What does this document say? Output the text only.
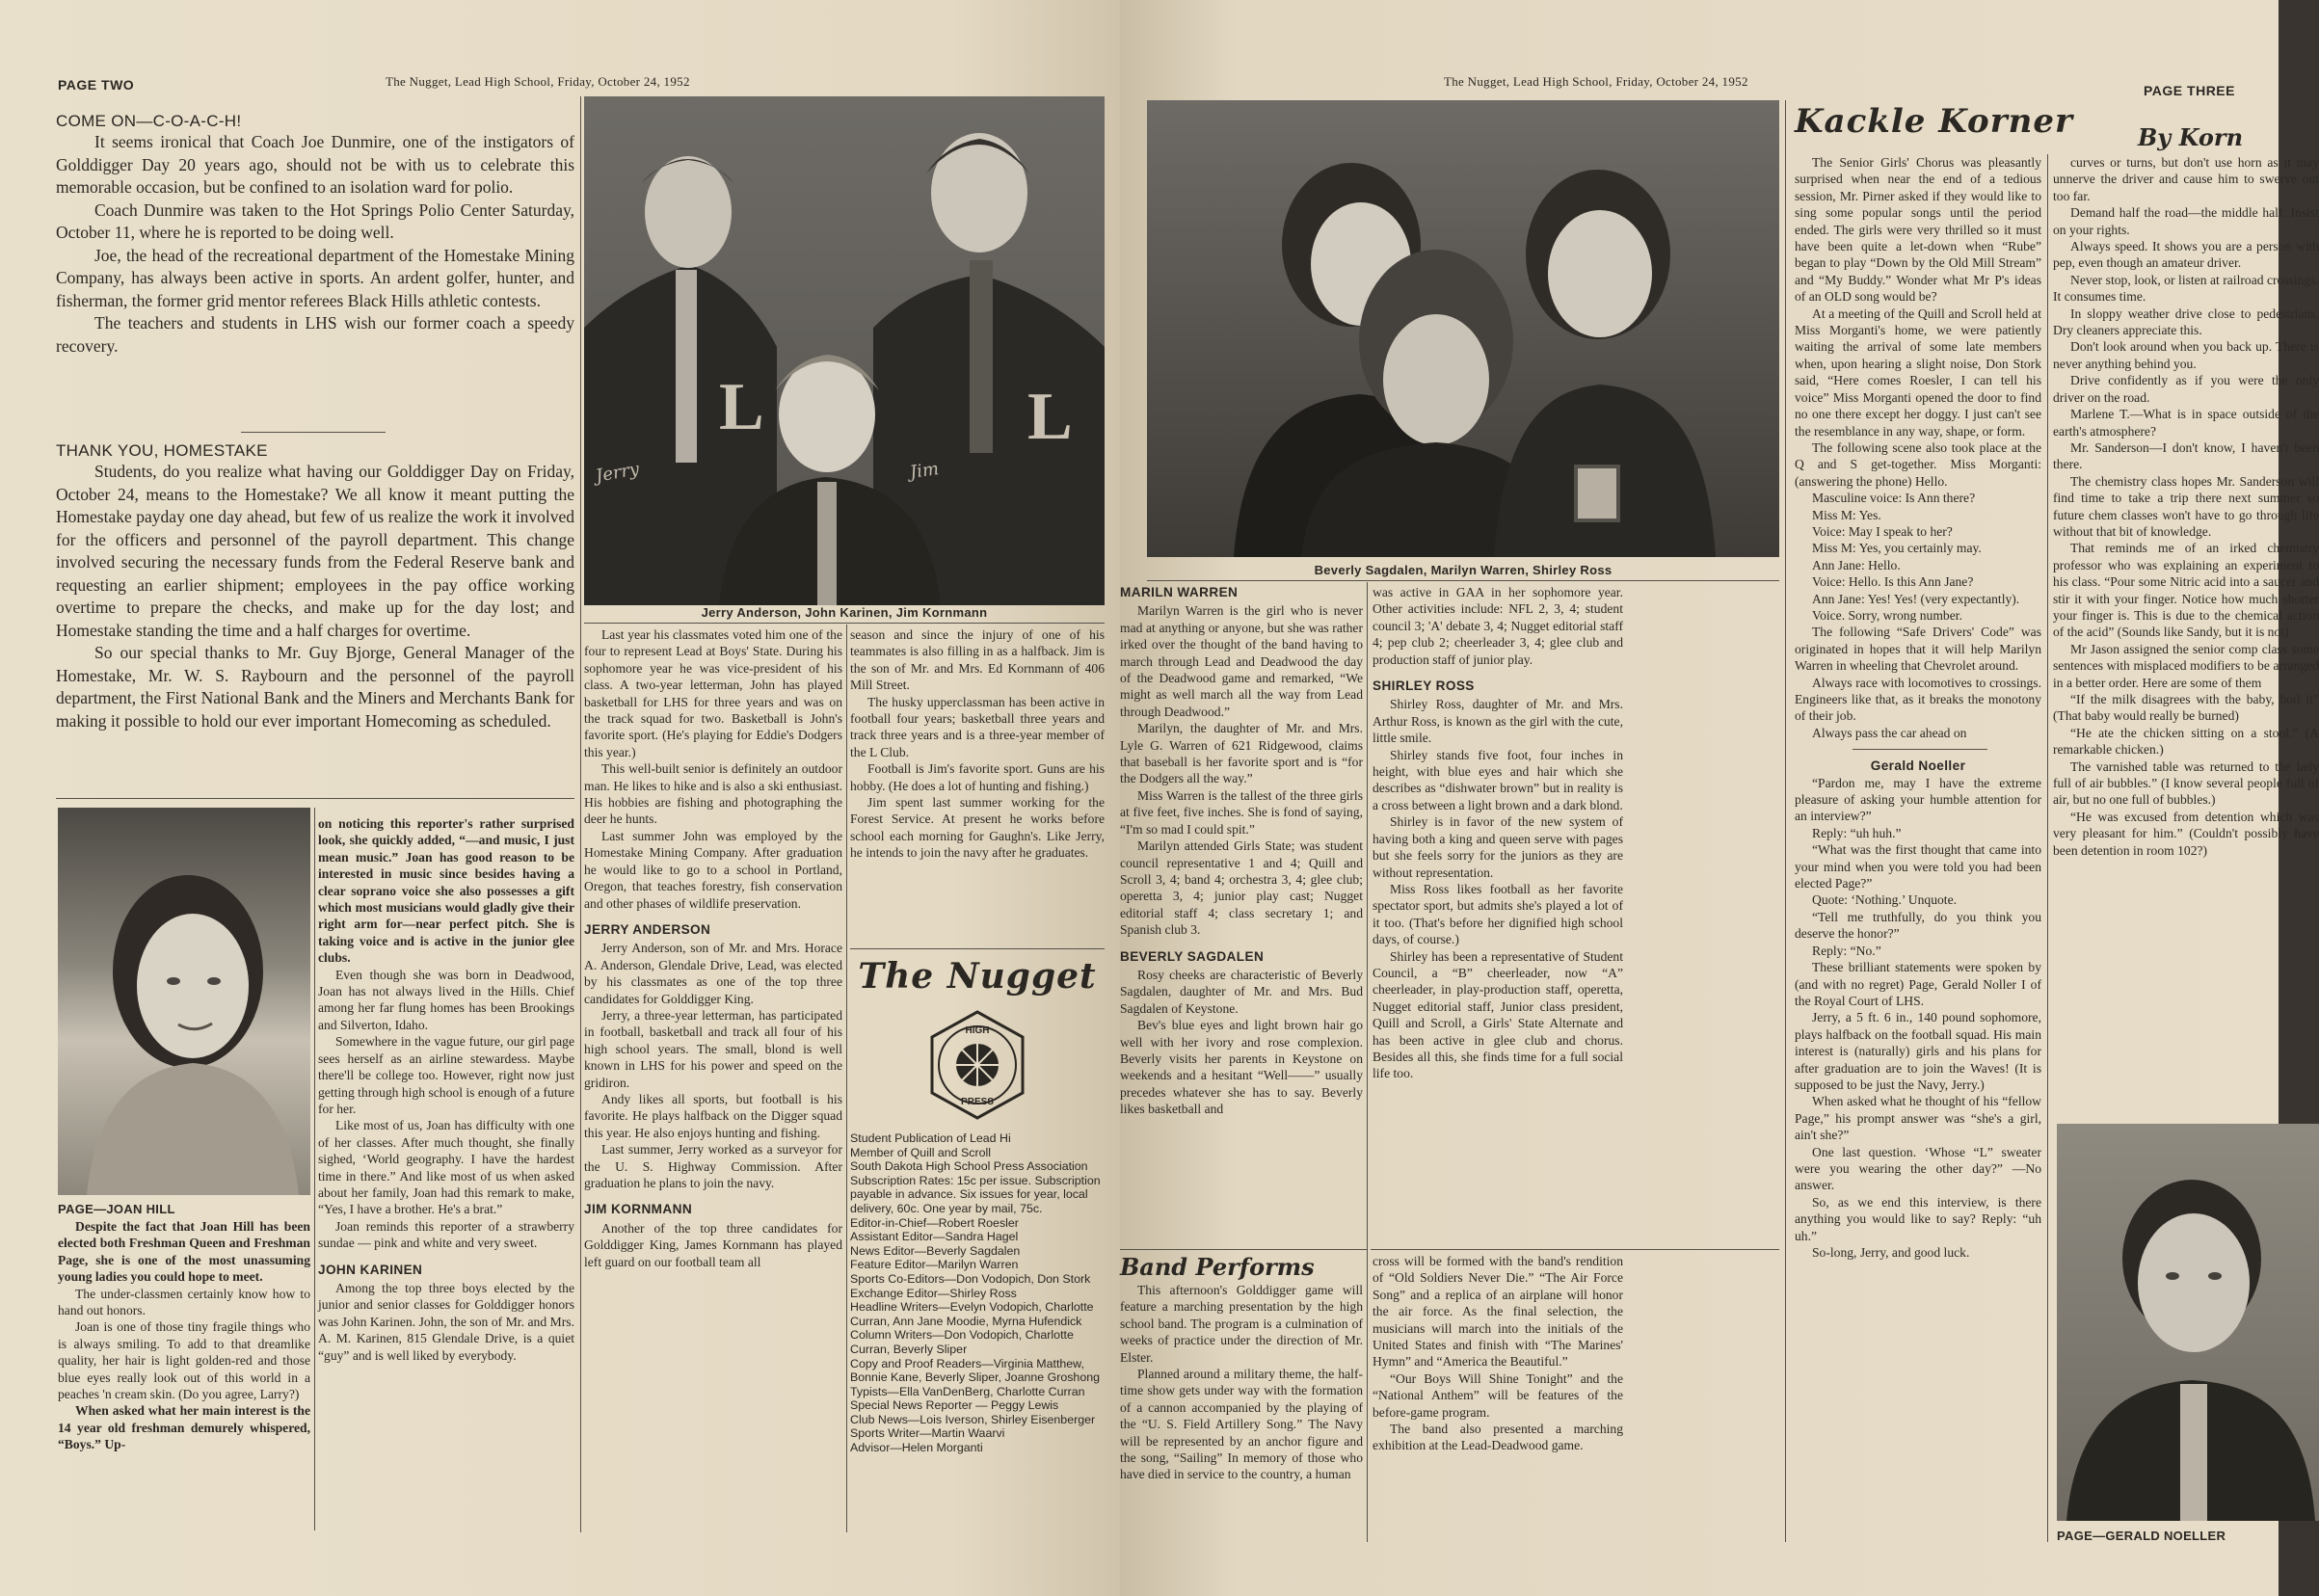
PAGE TWO	The Nugget, Lead High School, Friday, October 24, 1952
COME ON—C-O-A-C-H!

It seems ironical that Coach Joe Dunmire, one of the instigators of Golddigger Day 20 years ago, should not be with us to celebrate this memorable occasion, but be confined to an isolation ward for polio.

Coach Dunmire was taken to the Hot Springs Polio Center Saturday, October 11, where he is reported to be doing well.

Joe, the head of the recreational department of the Homestake Mining Company, has always been active in sports. An ardent golfer, hunter, and fisherman, the former grid mentor referees Black Hills athletic contests.

The teachers and students in LHS wish our former coach a speedy recovery.

THANK YOU, HOMESTAKE

Students, do you realize what having our Golddigger Day on Friday, October 24, means to the Homestake? We all know it meant putting the Homestake payday one day ahead, but few of us realize the work it involved for the officers and personnel of the payroll department. This change involved securing the necessary funds from the Federal Reserve bank and requesting an earlier shipment; employees in the pay office working overtime to prepare the checks, and make up for the day lost; and Homestake standing the time and a half charges for overtime.

So our special thanks to Mr. Guy Bjorge, General Manager of the Homestake, Mr. W. S. Raybourn and the personnel of the payroll department, the First National Bank and the Miners and Merchants Bank for making it possible to hold our ever important Homecoming as scheduled.

PAGE—JOAN HILL

Despite the fact that Joan Hill has been elected both Freshman Queen and Freshman Page, she is one of the most unassuming young ladies you could hope to meet.

The under-classmen certainly know how to hand out honors.

Joan is one of those tiny fragile things who is always smiling. To add to that dreamlike quality, her hair is light golden-red and those blue eyes really look out of this world in a peaches 'n cream skin. (Do you agree, Larry?)

When asked what her main interest is the 14 year old freshman demurely whispered, “Boys.” Up-

on noticing this reporter's rather surprised look, she quickly added, “—and music, I just mean music.” Joan has good reason to be interested in music since besides having a clear soprano voice she also possesses a gift which most musicians would gladly give their right arm for—near perfect pitch. She is taking voice and is active in the junior glee clubs.

Even though she was born in Deadwood, Joan has not always lived in the Hills. Chief among her far flung homes has been Brookings and Silverton, Idaho.

Somewhere in the vague future, our girl page sees herself as an airline stewardess. Maybe there'll be college too. However, right now just getting through high school is enough of a future for her.

Like most of us, Joan has difficulty with one of her classes. After much thought, she finally sighed, ‘World geography. I have the hardest time in there.” And like most of us when asked about her family, Joan had this remark to make, “Yes, I have a brother. He's a brat.”

Joan reminds this reporter of a strawberry sundae — pink and white and very sweet.

JOHN KARINEN

Among the top three boys elected by the junior and senior classes for Golddigger honors was John Karinen. John, the son of Mr. and Mrs. A. M. Karinen, 815 Glendale Drive, is a quiet “guy” and is well liked by everybody.

L	L
Jerry	Jim
Jerry Anderson, John Karinen, Jim Kornmann

Last year his classmates voted him one of the four to represent Lead at Boys' State. During his sophomore year he was vice-president of his class. A two-year letterman, John has played basketball for LHS for three years and was on the track squad for two. Basketball is John's favorite sport. (He's playing for Eddie's Dodgers this year.)

This well-built senior is definitely an outdoor man. He likes to hike and is also a ski enthusiast. His hobbies are fishing and photographing the deer he hunts.

Last summer John was employed by the Homestake Mining Company. After graduation he would like to go to a school in Portland, Oregon, that teaches forestry, fish conservation and other phases of wildlife preservation.

JERRY ANDERSON

Jerry Anderson, son of Mr. and Mrs. Horace A. Anderson, Glendale Drive, Lead, was elected by his classmates as one of the top three candidates for Golddigger King.

Jerry, a three-year letterman, has participated in football, basketball and track all four of his high school years. The small, blond is well known in LHS for his power and speed on the gridiron.

Andy likes all sports, but football is his favorite. He plays halfback on the Digger squad this year. He also enjoys hunting and fishing.

Last summer, Jerry worked as a surveyor for the U. S. Highway Commission. After graduation he plans to join the navy.

JIM KORNMANN

Another of the top three candidates for Golddigger King, James Kornmann has played left guard on our football team all

season and since the injury of one of his teammates is also filling in as a halfback. Jim is the son of Mr. and Mrs. Ed Kornmann of 406 Mill Street.

The husky upperclassman has been active in football four years; basketball three years and track three years and is a three-year member of the L Club.

Football is Jim's favorite sport. Guns are his hobby. (He does a lot of hunting and fishing.)

Jim spent last summer working for the Forest Service. At present he works before school each morning for Gaughn's. Like Jerry, he intends to join the navy after he graduates.

The Nugget
HIGH
PRESS
Student Publication of Lead Hi
Member of Quill and Scroll
South Dakota High School Press Association
Subscription Rates: 15c per issue. Subscription payable in advance. Six issues for year, local delivery, 60c. One year by mail, 75c.
Editor-in-Chief—Robert Roesler
Assistant Editor—Sandra Hagel
News Editor—Beverly Sagdalen
Feature Editor—Marilyn Warren
Sports Co-Editors—Don Vodopich, Don Stork
Exchange Editor—Shirley Ross
Headline Writers—Evelyn Vodopich, Charlotte Curran, Ann Jane Moodie, Myrna Hufendick
Column Writers—Don Vodopich, Charlotte Curran, Beverly Sliper
Copy and Proof Readers—Virginia Matthew, Bonnie Kane, Beverly Sliper, Joanne Groshong
Typists—Ella VanDenBerg, Charlotte Curran
Special News Reporter — Peggy Lewis
Club News—Lois Iverson, Shirley Eisenberger
Sports Writer—Martin Waarvi
Advisor—Helen Morganti
The Nugget, Lead High School, Friday, October 24, 1952
PAGE THREE
Beverly Sagdalen, Marilyn Warren, Shirley Ross
MARILN WARREN

Marilyn Warren is the girl who is never mad at anything or anyone, but she was rather irked over the thought of the band having to march through Lead and Deadwood the day of the Deadwood game and remarked, “We might as well march all the way from Lead through Deadwood.”

Marilyn, the daughter of Mr. and Mrs. Lyle G. Warren of 621 Ridgewood, claims that baseball is her favorite sport and is “for the Dodgers all the way.”

Miss Warren is the tallest of the three girls at five feet, five inches. She is fond of saying, “I'm so mad I could spit.”

Marilyn attended Girls State; was student council representative 1 and 4; Quill and Scroll 3, 4; band 4; orchestra 3, 4; glee club; operetta 3, 4; junior play cast; Nugget editorial staff 4; class secretary 1; and Spanish club 3.

BEVERLY SAGDALEN

Rosy cheeks are characteristic of Beverly Sagdalen, daughter of Mr. and Mrs. Bud Sagdalen of Keystone.

Bev's blue eyes and light brown hair go well with her ivory and rose complexion. Beverly visits her parents in Keystone on weekends and a hesitant “Well——” usually precedes whatever she has to say. Beverly likes basketball and

was active in GAA in her sophomore year. Other activities include: NFL 2, 3, 4; student council 3; 'A' debate 3, 4; Nugget editorial staff 4; pep club 2; cheerleader 3, 4; glee club and production staff of junior play.

SHIRLEY ROSS

Shirley Ross, daughter of Mr. and Mrs. Arthur Ross, is known as the girl with the cute, little smile.

Shirley stands five foot, four inches in height, with blue eyes and hair which she describes as “dishwater brown” but in reality is a cross between a light brown and a dark blond.

Shirley is in favor of the new system of having both a king and queen serve with pages but she feels sorry for the juniors as they are without representation.

Miss Ross likes football as her favorite spectator sport, but admits she's played a lot of it too. (That's before her dignified high school days, of course.)

Shirley has been a representative of Student Council, a “B” cheerleader, now “A” cheerleader, in play-production staff, operetta, Nugget editorial staff, Junior class president, Quill and Scroll, a Girls' State Alternate and has been active in glee club and chorus. Besides all this, she finds time for a full social life too.

Band Performs

This afternoon's Golddigger game will feature a marching presentation by the high school band. The program is a culmination of weeks of practice under the direction of Mr. Elster.

Planned around a military theme, the half-time show gets under way with the formation of a cannon accompanied by the playing of the “U. S. Field Artillery Song.” The Navy will be represented by an anchor figure and the song, “Sailing” In memory of those who have died in service to the country, a human

cross will be formed with the band's rendition of “Old Soldiers Never Die.” “The Air Force Song” and a replica of an airplane will honor the air force. As the final selection, the musicians will march into the initials of the United States and finish with “The Marines' Hymn” and “America the Beautiful.”

“Our Boys Will Shine Tonight” and the “National Anthem” will be features of the before-game program.

The band also presented a marching exhibition at the Lead-Deadwood game.

Kackle Korner	By Korn
The Senior Girls' Chorus was pleasantly surprised when near the end of a tedious session, Mr. Pirner asked if they would like to sing some popular songs until the period ended. The girls were very thrilled so it must have been quite a let-down when “Rube” began to play “Down by the Old Mill Stream” and “My Buddy.” Wonder what Mr P's ideas of an OLD song would be?
At a meeting of the Quill and Scroll held at Miss Morganti's home, we were patiently waiting the arrival of some late members when, upon hearing a slight noise, Don Stork said, “Here comes Roesler, I can tell his voice” Miss Morganti opened the door to find no one there except her doggy. I just can't see the resemblance in any way, shape, or form.
The following scene also took place at the Q and S get-together. Miss Morganti: (answering the phone) Hello.
Masculine voice: Is Ann there?
Miss M: Yes.
Voice: May I speak to her?
Miss M: Yes, you certainly may.
Ann Jane: Hello.
Voice: Hello. Is this Ann Jane?
Ann Jane: Yes! Yes! (very expectantly).
Voice. Sorry, wrong number.
The following “Safe Drivers' Code” was originated in hopes that it will help Marilyn Warren in wheeling that Chevrolet around.
Always race with locomotives to crossings. Engineers like that, as it breaks the monotony of their job.
Always pass the car ahead on
Gerald Noeller
“Pardon me, may I have the extreme pleasure of asking your humble attention for an interview?”
Reply: “uh huh.”
“What was the first thought that came into your mind when you were told you had been elected Page?”
Quote: ‘Nothing.’ Unquote.
“Tell me truthfully, do you think you deserve the honor?”
Reply: “No.”
These brilliant statements were spoken by (and with no regret) Page, Gerald Noller I of the Royal Court of LHS.
Jerry, a 5 ft. 6 in., 140 pound sophomore, plays halfback on the football squad. His main interest is (naturally) girls and his plans for after graduation are to join the Waves! (It is supposed to be just the Navy, Jerry.)
When asked what he thought of his “fellow Page,” his prompt answer was “she's a girl, ain't she?”
One last question. ‘Whose “L” sweater were you wearing the other day?” —No answer.
So, as we end this interview, is there anything you would like to say? Reply: “uh uh.”
So-long, Jerry, and good luck.
curves or turns, but don't use horn as it may unnerve the driver and cause him to swerve out too far.
Demand half the road—the middle half. Insist on your rights.
Always speed. It shows you are a person with pep, even though an amateur driver.
Never stop, look, or listen at railroad crossings. It consumes time.
In sloppy weather drive close to pedestrians. Dry cleaners appreciate this.
Don't look around when you back up. There is never anything behind you.
Drive confidently as if you were the only driver on the road.
Marlene T.—What is in space outside of the earth's atmosphere?
Mr. Sanderson—I don't know, I haven't been there.
The chemistry class hopes Mr. Sanderson will find time to take a trip there next summer so future chem classes won't have to go through life without that bit of knowledge.
That reminds me of an irked chemistry professor who was explaining an experiment to his class. “Pour some Nitric acid into a saucer and stir it with your finger. Notice how much shorter your finger is. This is due to the chemical action of the acid” (Sounds like Sandy, but it is not)
Mr Jason assigned the senior comp class some sentences with misplaced modifiers to be arranged in a better order. Here are some of them
“If the milk disagrees with the baby, boil it” (That baby would really be burned)
“He ate the chicken sitting on a stool.” (A remarkable chicken.)
The varnished table was returned to the lady full of air bubbles.” (I know several people full of air, but no one full of bubbles.)
“He was excused from detention which was very pleasant for him.” (Couldn't possibly have been detention in room 102?)
PAGE—GERALD NOELLER
